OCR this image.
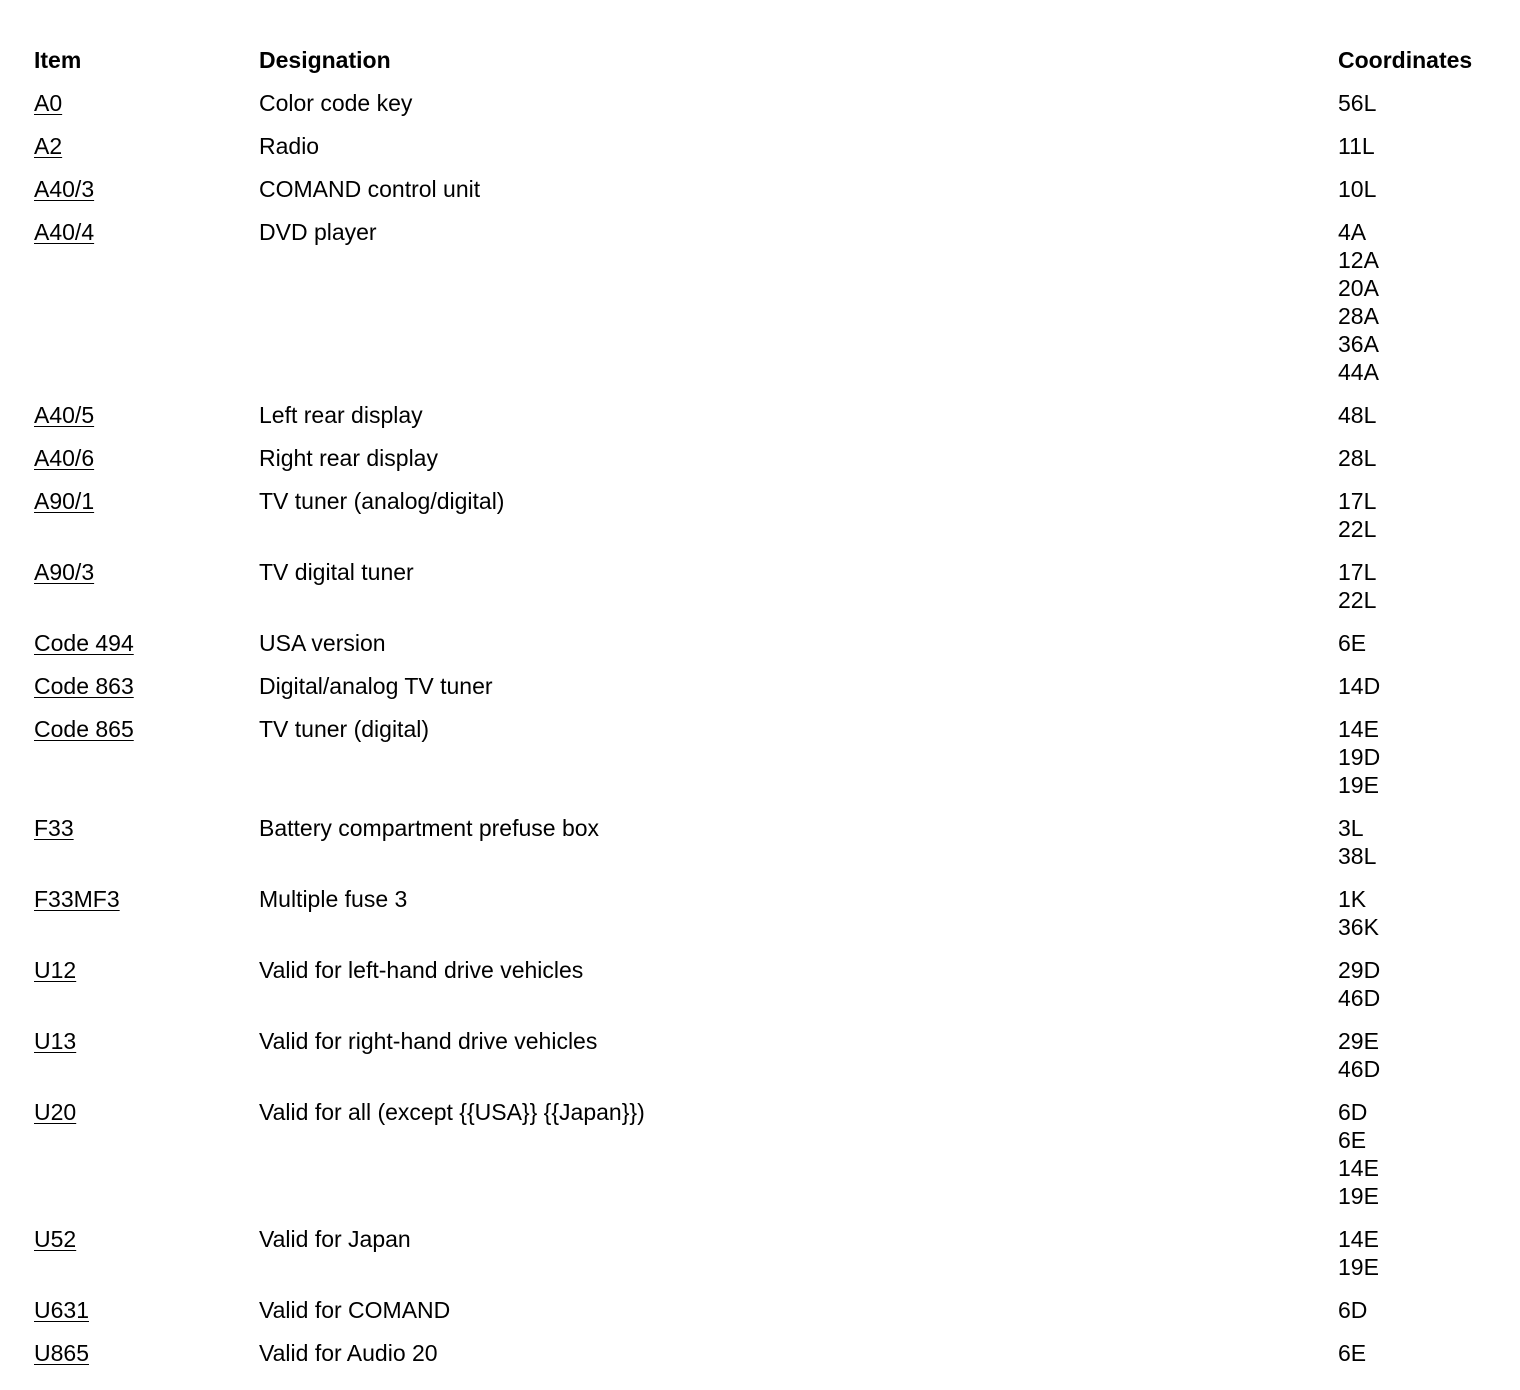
Item	Designation	Coordinates
A0	Color code key	56L
A2	Radio	11L
A40/3	COMAND control unit	10L
A40/4	DVD player	4A
12A
20A
28A
36A
44A
A40/5	Left rear display	48L
A40/6	Right rear display	28L
A90/1	TV tuner (analog/digital)	17L
22L
A90/3	TV digital tuner	17L
22L
Code 494	USA version	6E
Code 863	Digital/analog TV tuner	14D
Code 865	TV tuner (digital)	14E
19D
19E
F33	Battery compartment prefuse box	3L
38L
F33MF3	Multiple fuse 3	1K
36K
U12	Valid for left-hand drive vehicles	29D
46D
U13	Valid for right-hand drive vehicles	29E
46D
U20	Valid for all (except {{USA}} {{Japan}})	6D
6E
14E
19E
U52	Valid for Japan	14E
19E
U631	Valid for COMAND	6D
U865	Valid for Audio 20	6E
